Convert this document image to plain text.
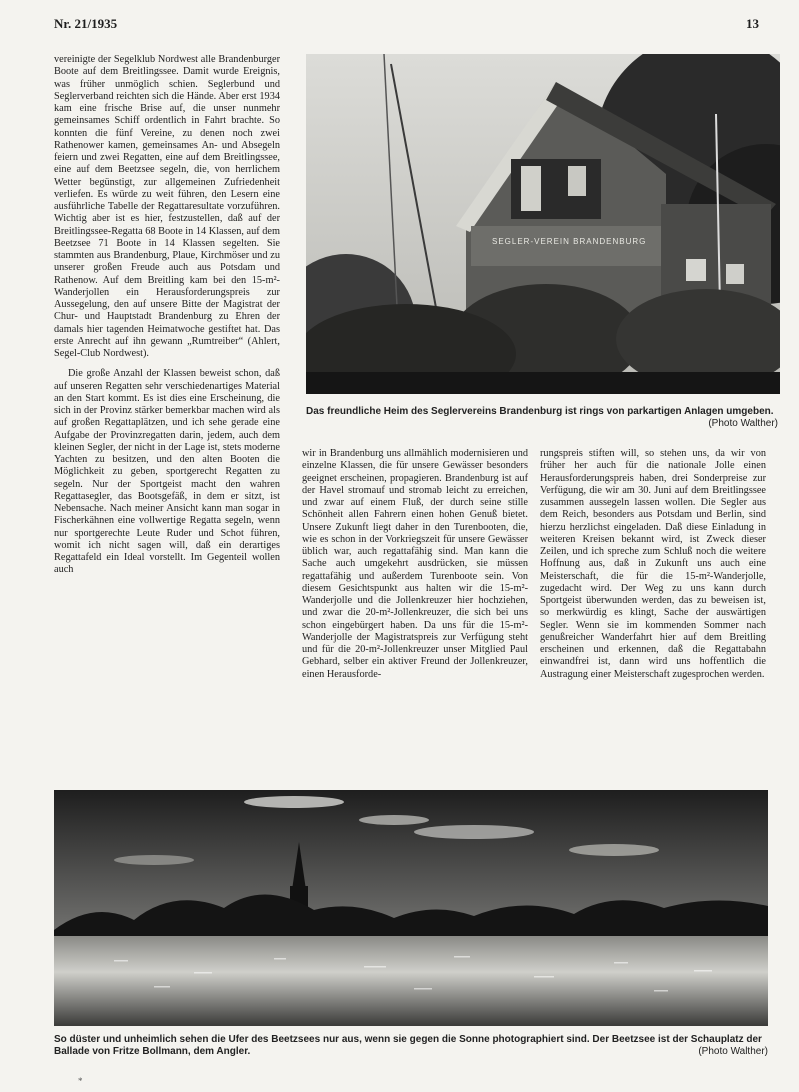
Nr. 21/1935	13

vereinigte der Segelklub Nordwest alle Brandenburger Boote auf dem Breitlingssee. Damit wurde Ereignis, was früher unmöglich schien. Seglerbund und Seglerverband reichten sich die Hände. Aber erst 1934 kam eine frische Brise auf, die unser nunmehr gemeinsames Schiff ordentlich in Fahrt brachte. So konnten die fünf Vereine, zu denen noch zwei Rathenower kamen, gemeinsames An- und Absegeln feiern und zwei Regatten, eine auf dem Breitlingssee, eine auf dem Beetzsee segeln, die, von herrlichem Wetter begünstigt, zur allgemeinen Zufriedenheit verliefen. Es würde zu weit führen, den Lesern eine ausführliche Tabelle der Regattaresultate vorzuführen. Wichtig aber ist es hier, festzustellen, daß auf der Breitlingssee-Regatta 68 Boote in 14 Klassen, auf dem Beetzsee 71 Boote in 14 Klassen segelten. Sie stammten aus Brandenburg, Plaue, Kirchmöser und zu unserer großen Freude auch aus Potsdam und Rathenow. Auf dem Breitling kam bei den 15-m²-Wanderjollen ein Herausforderungspreis zur Aussegelung, den auf unsere Bitte der Magistrat der Chur- und Hauptstadt Brandenburg zu Ehren der damals hier tagenden Heimatwoche gestiftet hat. Das erste Anrecht auf ihn gewann „Rumtreiber“ (Ahlert, Segel-Club Nordwest).

Die große Anzahl der Klassen beweist schon, daß auf unseren Regatten sehr verschiedenartiges Material an den Start kommt. Es ist dies eine Erscheinung, die sich in der Provinz stärker bemerkbar machen wird als auf großen Regattaplätzen, und ich sehe gerade eine Aufgabe der Provinzregatten darin, jedem, auch dem kleinen Segler, der nicht in der Lage ist, stets moderne Yachten zu besitzen, und den alten Booten die Möglichkeit zu geben, sportgerecht Regatten zu segeln. Nur der Sportgeist macht den wahren Regattasegler, das Bootsgefäß, in dem er sitzt, ist Nebensache. Nach meiner Ansicht kann man sogar in Fischerkähnen eine vollwertige Regatta segeln, wenn nur sportgerechte Leute Ruder und Schot führen, womit ich nicht sagen will, daß ein derartiges Regattafeld ein Ideal vorstellt. Im Gegenteil wollen auch

SEGLER-VEREIN BRANDENBURG
Das freundliche Heim des Seglervereins Brandenburg ist rings von parkartigen Anlagen umgeben.
(Photo Walther)

wir in Brandenburg uns allmählich modernisieren und einzelne Klassen, die für unsere Gewässer besonders geeignet erscheinen, propagieren. Brandenburg ist auf der Havel stromauf und stromab leicht zu erreichen, und zwar auf einem Fluß, der durch seine stille Schönheit allen Fahrern einen hohen Genuß bietet. Unsere Zukunft liegt daher in den Turenbooten, die, wie es schon in der Vorkriegszeit für unsere Gewässer üblich war, auch regattafähig sind. Man kann die Sache auch umgekehrt ausdrücken, sie müssen regattafähig und außerdem Turenboote sein. Von diesem Gesichtspunkt aus halten wir die 15-m²-Wanderjolle und die Jollenkreuzer hier hochziehen, und zwar die 20-m²-Jollenkreuzer, die sich bei uns schon eingebürgert haben. Da uns für die 15-m²-Wanderjolle der Magistratspreis zur Verfügung steht und für die 20-m²-Jollenkreuzer unser Mitglied Paul Gebhard, selber ein aktiver Freund der Jollenkreuzer, einen Herausforde-

rungspreis stiften will, so stehen uns, da wir von früher her auch für die nationale Jolle einen Herausforderungspreis haben, drei Sonderpreise zur Verfügung, die wir am 30. Juni auf dem Breitlingssee zusammen aussegeln lassen wollen. Die Segler aus dem Reich, besonders aus Potsdam und Berlin, sind hierzu herzlichst eingeladen. Daß diese Einladung in weiteren Kreisen bekannt wird, ist Zweck dieser Zeilen, und ich spreche zum Schluß noch die weitere Hoffnung aus, daß in Zukunft uns auch eine Meisterschaft, die für die 15-m²-Wanderjolle, zugedacht wird. Der Weg zu uns kann durch Sportgeist überwunden werden, das zu beweisen ist, so merkwürdig es klingt, Sache der auswärtigen Segler. Wenn sie im kommenden Sommer nach genußreicher Wanderfahrt hier auf dem Breitling erscheinen und erkennen, daß die Regattabahn einwandfrei ist, dann wird uns hoffentlich die Austragung einer Meisterschaft zugesprochen werden.

So düster und unheimlich sehen die Ufer des Beetzsees nur aus, wenn sie gegen die Sonne photographiert sind. Der Beetzsee ist der Schauplatz der Ballade von Fritze Bollmann, dem Angler.	(Photo Walther)
*
